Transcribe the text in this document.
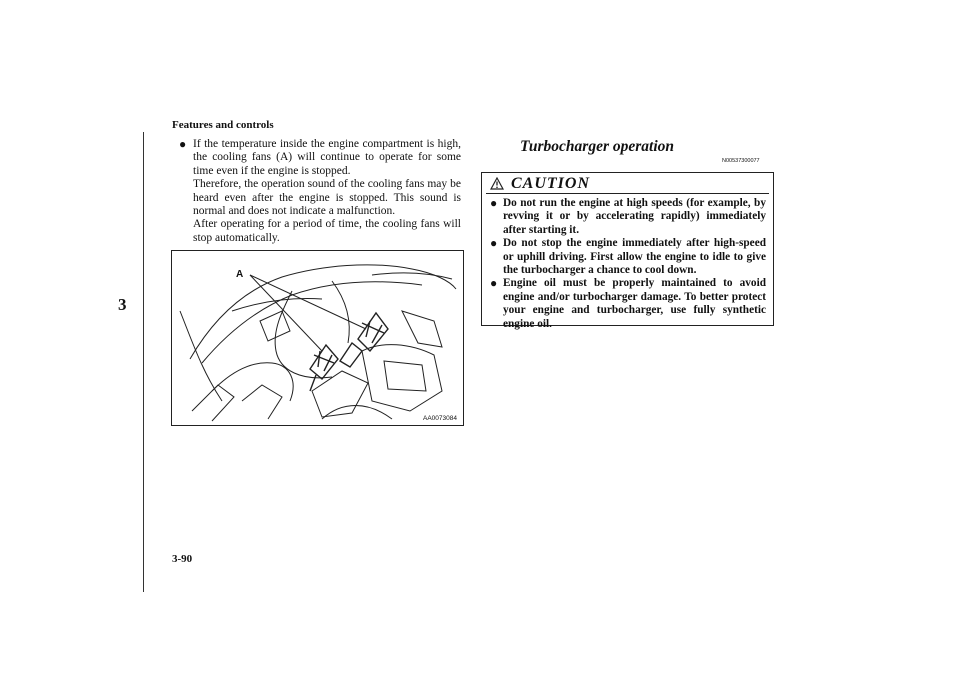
Features and controls
3
● If the temperature inside the engine compartment is high, the cooling fans (A) will continue to operate for some time even if the engine is stopped.

Therefore, the operation sound of the cooling fans may be heard even after the engine is stopped. This sound is normal and does not indicate a malfunction.

After operating for a period of time, the cooling fans will stop automatically.

A
AA0073084
Turbocharger operation
N00537300077
CAUTION
● Do not run the engine at high speeds (for example, by revving it or by accelerating rapidly) immediately after starting it.
● Do not stop the engine immediately after high-speed or uphill driving. First allow the engine to idle to give the turbocharger a chance to cool down.
● Engine oil must be properly maintained to avoid engine and/or turbocharger damage. To better protect your engine and turbocharger, use fully synthetic engine oil.
3-90
